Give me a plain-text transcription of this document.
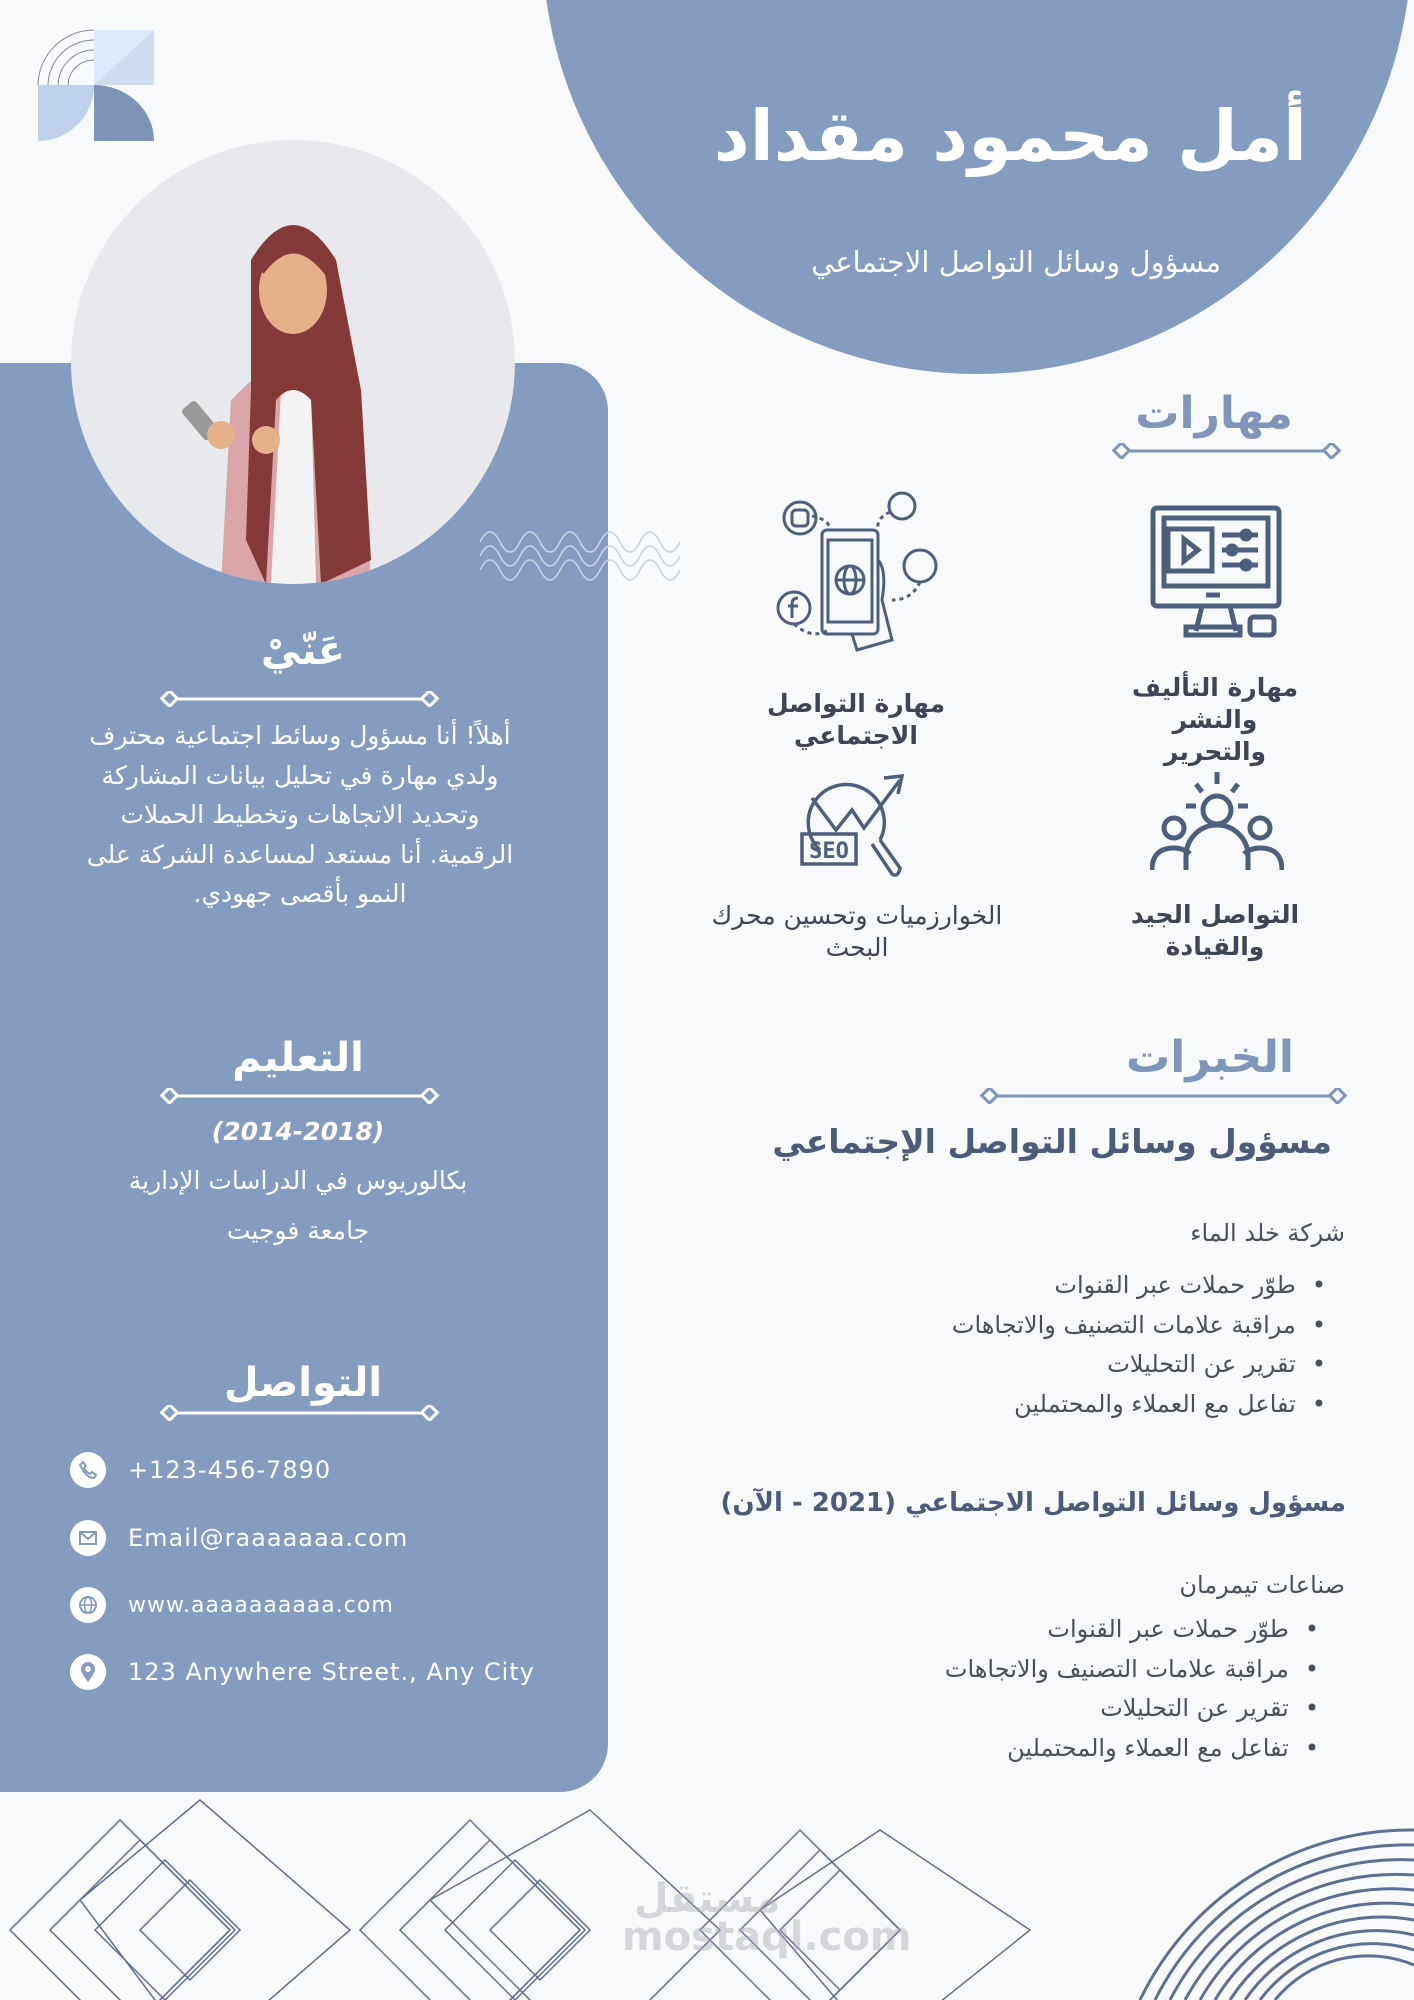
أمل محمود مقداد
مسؤول وسائل التواصل الاجتماعي
عَنّيْ
أهلاً! أنا مسؤول وسائط اجتماعية محترف
ولدي مهارة في تحليل بيانات المشاركة
وتحديد الاتجاهات وتخطيط الحملات
الرقمية. أنا مستعد لمساعدة الشركة على
النمو بأقصى جهودي.
التعليم
(2014-2018)
بكالوريوس في الدراسات الإدارية
جامعة فوجيت
التواصل
+123-456-7890
Email@raaaaaaa.com
www.aaaaaaaaaa.com
123 Anywhere Street., Any City
مهارات
مهارة التأليف والنشر
والتحرير
مهارة التواصل
الاجتماعي
SEO
التواصل الجيد والقيادة
الخوارزميات وتحسين محرك
البحث
الخبرات
مسؤول وسائل التواصل الإجتماعي
شركة خلد الماء
• طوّر حملات عبر القنوات
• مراقبة علامات التصنيف والاتجاهات
• تقرير عن التحليلات
• تفاعل مع العملاء والمحتملين
مسؤول وسائل التواصل الاجتماعي (2021 - الآن)
صناعات تيمرمان
• طوّر حملات عبر القنوات
• مراقبة علامات التصنيف والاتجاهات
• تقرير عن التحليلات
• تفاعل مع العملاء والمحتملين
مستقل mostaql.com
